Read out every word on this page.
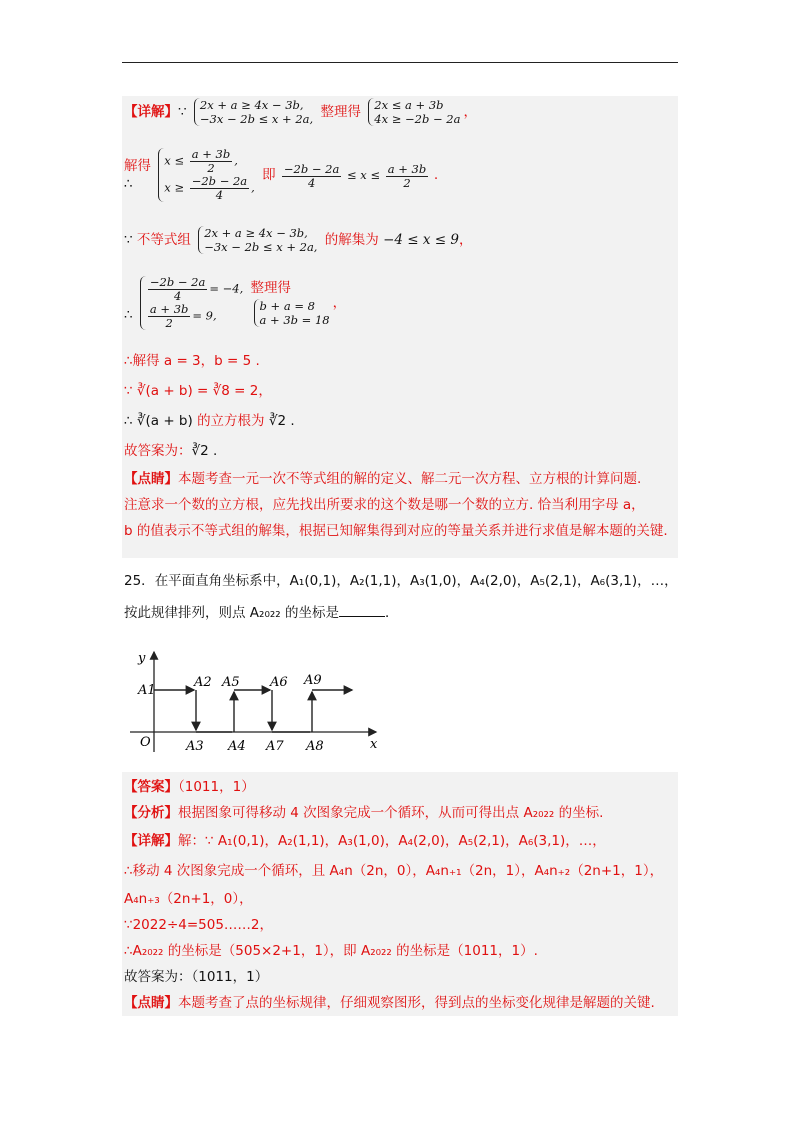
【详解】∵ 2x + a ≥ 4x − 3b,
−3x − 2b ≤ x + 2a, 整理得 2x ≤ a + 3b
4x ≥ −2b − 2a ，
解得
∴
$x \le \frac{a + 3b}{2}$ ,
$x \ge \frac{-2b - 2a}{4}$ , 即 $\frac{-2b - 2a}{4} \le x \le \frac{a + 3b}{2}$ .
∵ 不等式组 2x + a ≥ 4x − 3b,
−3x − 2b ≤ x + 2a, 的解集为 −4 ≤ x ≤ 9，
∴
$\frac{-2b - 2a}{4} = -4$,

$\frac{a + 3b}{2} = 9$,
整理得
b + a = 8
a + 3b = 18，
∴解得 a = 3，b = 5 .
∵ ∛(a + b) = ∛8 = 2，
∴ ∛(a + b) 的立方根为 ∛2 .
故答案为：∛2 .
【点睛】本题考查一元一次不等式组的解的定义、解二元一次方程、立方根的计算问题.
注意求一个数的立方根，应先找出所要求的这个数是哪一个数的立方. 恰当利用字母 a，
b 的值表示不等式组的解集，根据已知解集得到对应的等量关系并进行求值是解本题的关键.
25．在平面直角坐标系中，A₁(0,1)，A₂(1,1)，A₃(1,0)，A₄(2,0)，A₅(2,1)，A₆(3,1)，…，
按此规律排列，则点 A₂₀₂₂ 的坐标是	．
y
x
O
A1
A2
A3 A4
A5 A6
A7 A8
A9
【答案】（1011，1）
【分析】根据图象可得移动 4 次图象完成一个循环，从而可得出点 A₂₀₂₂ 的坐标.
【详解】解：∵ A₁(0,1)，A₂(1,1)，A₃(1,0)，A₄(2,0)，A₅(2,1)，A₆(3,1)，…，
∴移动 4 次图象完成一个循环，且 A₄n（2n，0），A₄n₊₁（2n，1），A₄n₊₂（2n+1，1），
A₄n₊₃（2n+1，0），
∵2022÷4=505……2，
∴A₂₀₂₂ 的坐标是（505×2+1，1），即 A₂₀₂₂ 的坐标是（1011，1）.
故答案为：（1011，1）
【点睛】本题考查了点的坐标规律，仔细观察图形，得到点的坐标变化规律是解题的关键.
